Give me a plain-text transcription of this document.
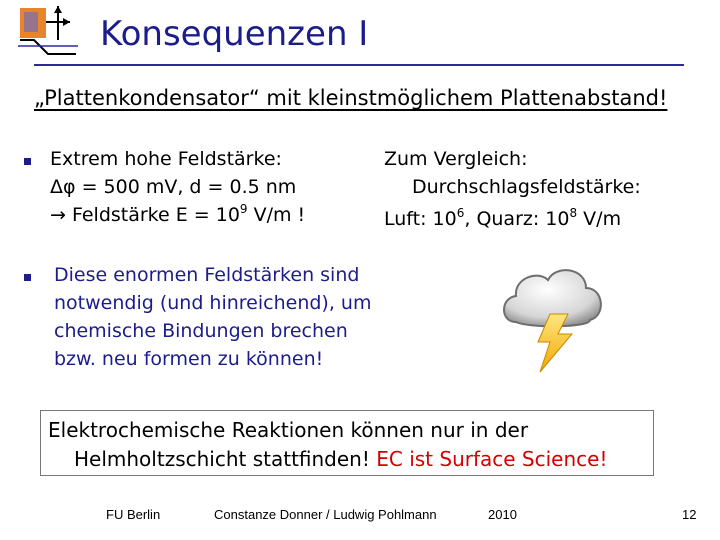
Konsequenzen I
„Plattenkondensator“ mit kleinstmöglichem Plattenabstand!
Extrem hohe Feldstärke:
Δφ = 500 mV, d = 0.5 nm
→ Feldstärke $E = 10^9$ V/m !
Zum Vergleich:
Durchschlagsfeldstärke:
Luft: $10^6$, Quarz: $10^8$ V/m
Diese enormen Feldstärken sind
notwendig (und hinreichend), um
chemische Bindungen brechen
bzw. neu formen zu können!
Elektrochemische Reaktionen können nur in der
Helmholtzschicht stattfinden! EC ist Surface Science!
FU Berlin	Constanze Donner / Ludwig Pohlmann	2010	12
